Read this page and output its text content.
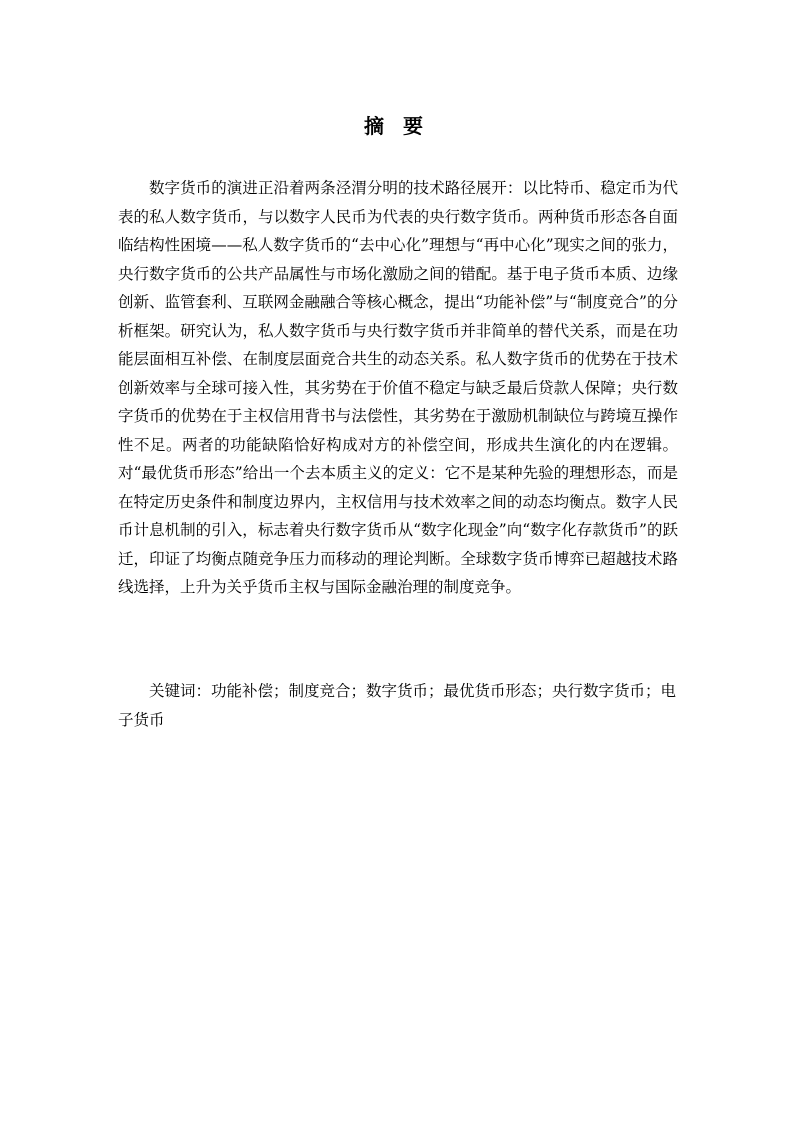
摘 要

数字货币的演进正沿着两条泾渭分明的技术路径展开：以比特币、稳定币为代表的私人数字货币，与以数字人民币为代表的央行数字货币。两种货币形态各自面临结构性困境——私人数字货币的“去中心化”理想与“再中心化”现实之间的张力，央行数字货币的公共产品属性与市场化激励之间的错配。基于电子货币本质、边缘创新、监管套利、互联网金融融合等核心概念，提出“功能补偿”与“制度竞合”的分析框架。研究认为，私人数字货币与央行数字货币并非简单的替代关系，而是在功能层面相互补偿、在制度层面竞合共生的动态关系。私人数字货币的优势在于技术创新效率与全球可接入性，其劣势在于价值不稳定与缺乏最后贷款人保障；央行数字货币的优势在于主权信用背书与法偿性，其劣势在于激励机制缺位与跨境互操作性不足。两者的功能缺陷恰好构成对方的补偿空间，形成共生演化的内在逻辑。对“最优货币形态”给出一个去本质主义的定义：它不是某种先验的理想形态，而是在特定历史条件和制度边界内，主权信用与技术效率之间的动态均衡点。数字人民币计息机制的引入，标志着央行数字货币从“数字化现金”向“数字化存款货币”的跃迁，印证了均衡点随竞争压力而移动的理论判断。全球数字货币博弈已超越技术路线选择，上升为关乎货币主权与国际金融治理的制度竞争。

关键词：功能补偿；制度竞合；数字货币；最优货币形态；央行数字货币；电子货币
